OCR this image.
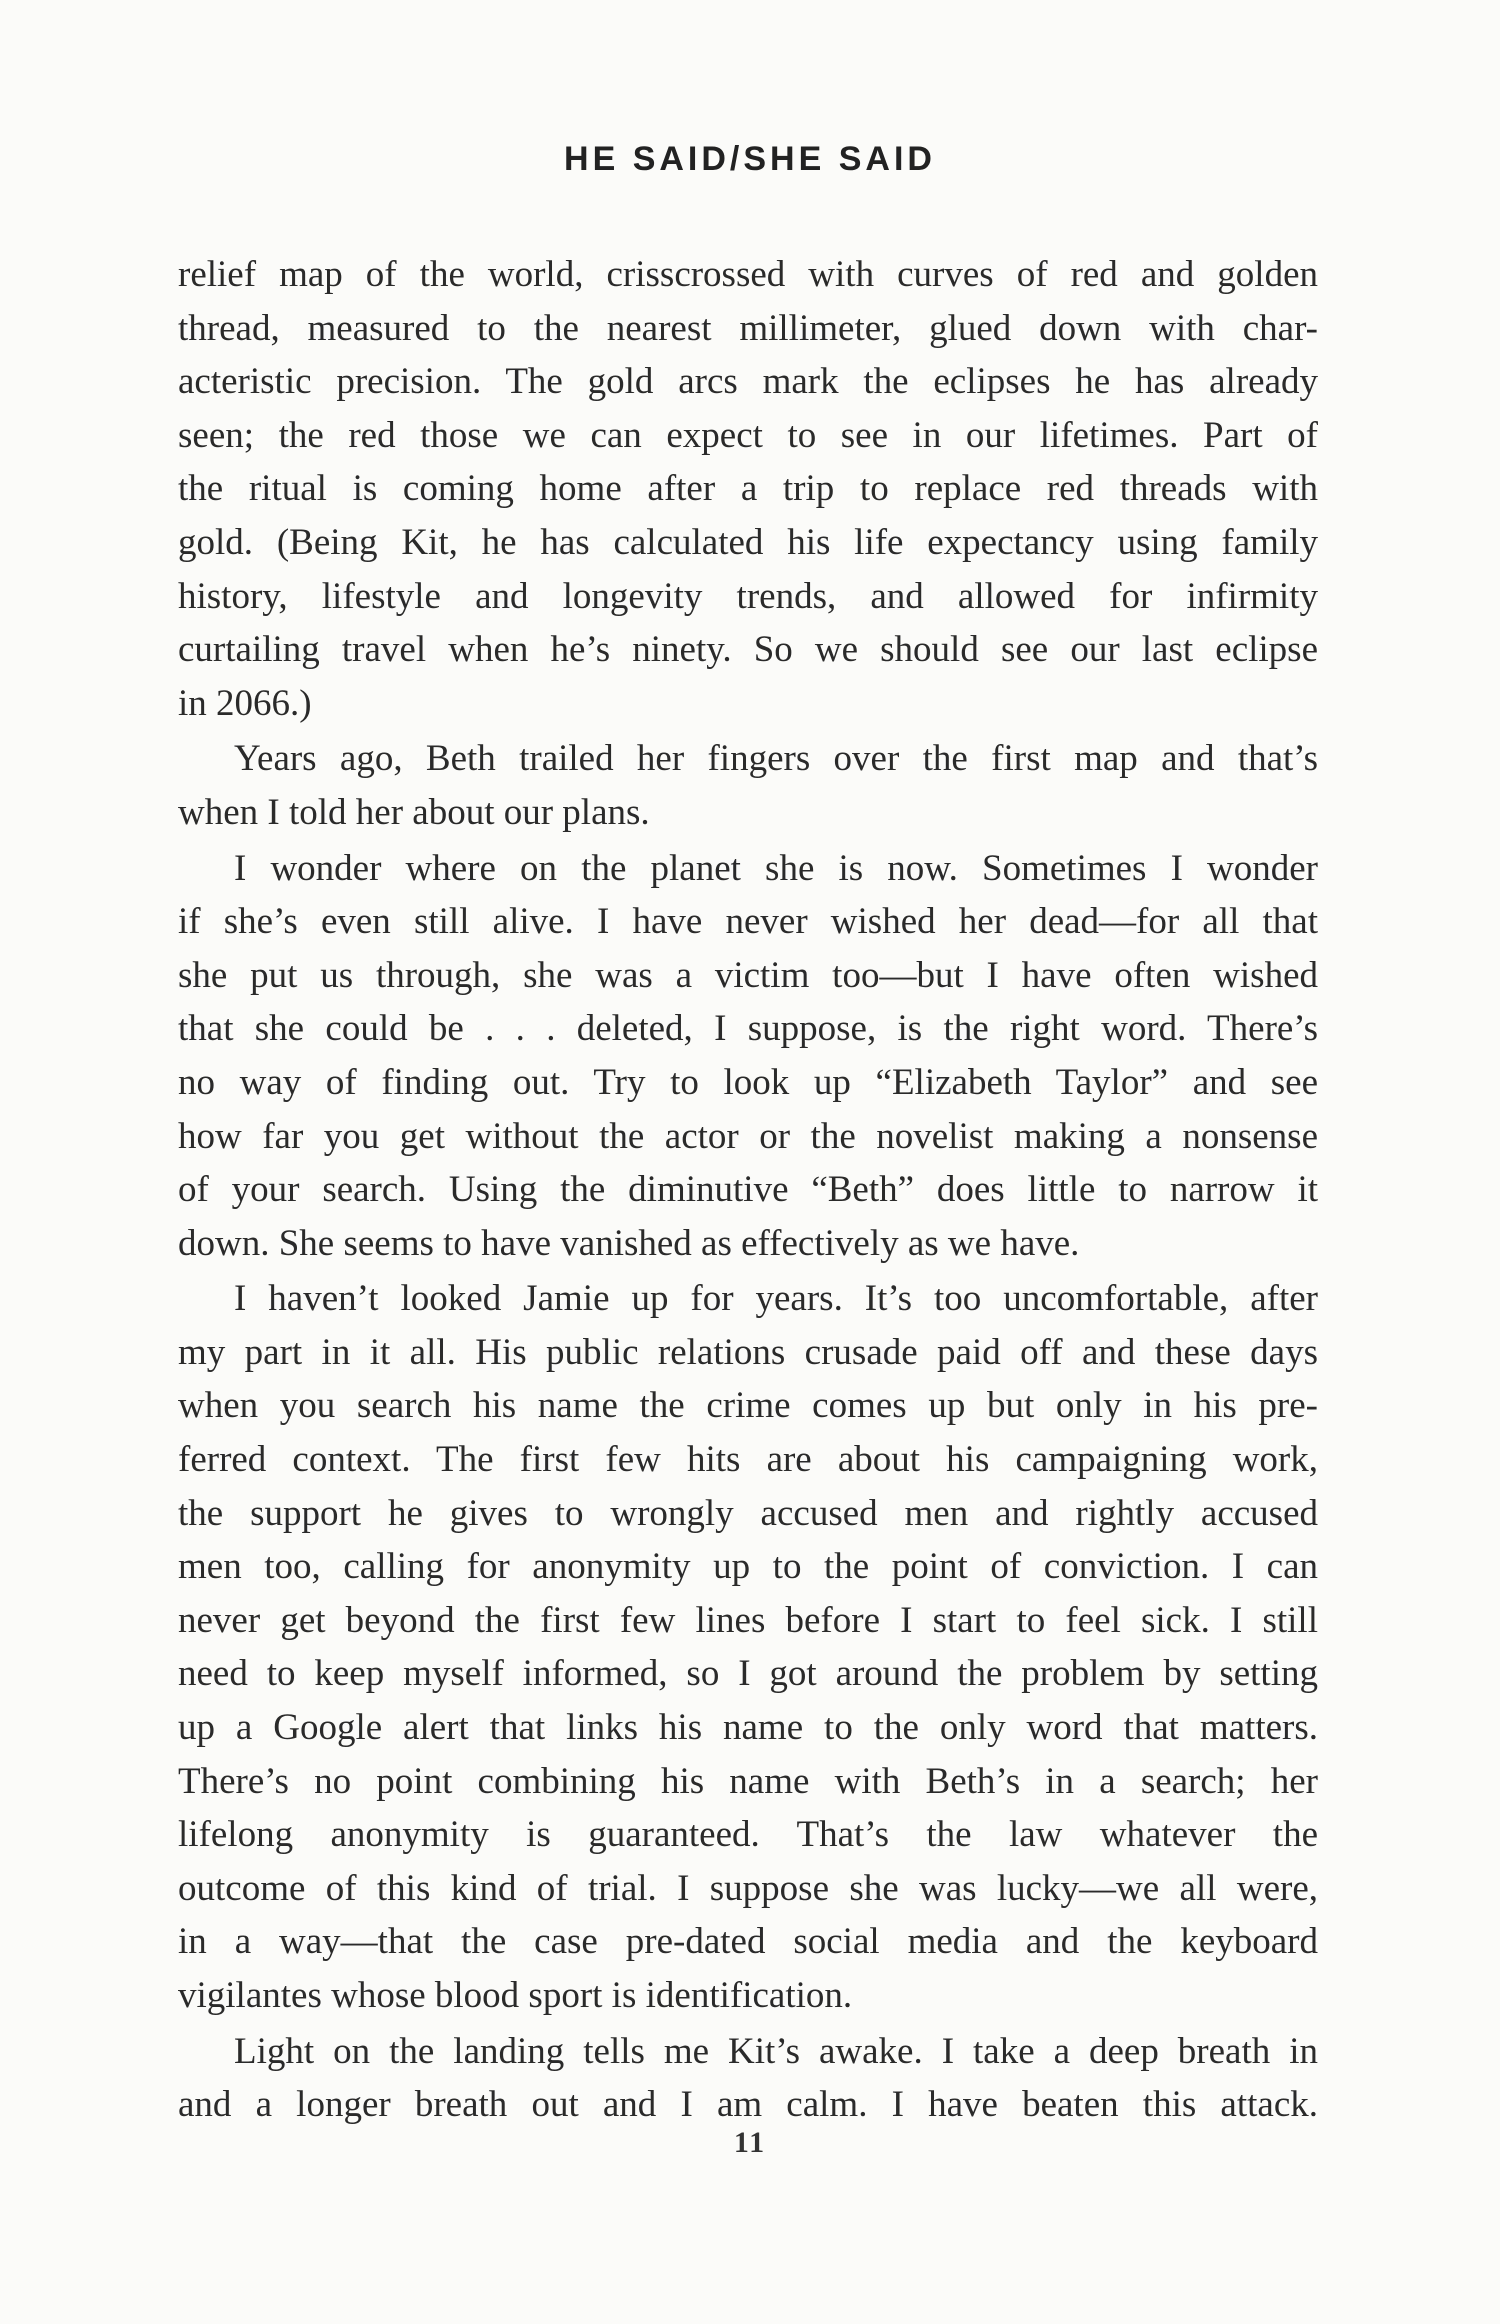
HE SAID/SHE SAID
relief map of the world, crisscrossed with curves of red and golden
thread, measured to the nearest millimeter, glued down with char-
acteristic precision. The gold arcs mark the eclipses he has already
seen; the red those we can expect to see in our lifetimes. Part of
the ritual is coming home after a trip to replace red threads with
gold. (Being Kit, he has calculated his life expectancy using family
history, lifestyle and longevity trends, and allowed for infirmity
curtailing travel when he’s ninety. So we should see our last eclipse
in 2066.)
Years ago, Beth trailed her fingers over the first map and that’s
when I told her about our plans.
I wonder where on the planet she is now. Sometimes I wonder
if she’s even still alive. I have never wished her dead—for all that
she put us through, she was a victim too—but I have often wished
that she could be . . . deleted, I suppose, is the right word. There’s
no way of finding out. Try to look up “Elizabeth Taylor” and see
how far you get without the actor or the novelist making a nonsense
of your search. Using the diminutive “Beth” does little to narrow it
down. She seems to have vanished as effectively as we have.
I haven’t looked Jamie up for years. It’s too uncomfortable, after
my part in it all. His public relations crusade paid off and these days
when you search his name the crime comes up but only in his pre-
ferred context. The first few hits are about his campaigning work,
the support he gives to wrongly accused men and rightly accused
men too, calling for anonymity up to the point of conviction. I can
never get beyond the first few lines before I start to feel sick. I still
need to keep myself informed, so I got around the problem by setting
up a Google alert that links his name to the only word that matters.
There’s no point combining his name with Beth’s in a search; her
lifelong anonymity is guaranteed. That’s the law whatever the
outcome of this kind of trial. I suppose she was lucky—we all were,
in a way—that the case pre-dated social media and the keyboard
vigilantes whose blood sport is identification.
Light on the landing tells me Kit’s awake. I take a deep breath in
and a longer breath out and I am calm. I have beaten this attack.
11
